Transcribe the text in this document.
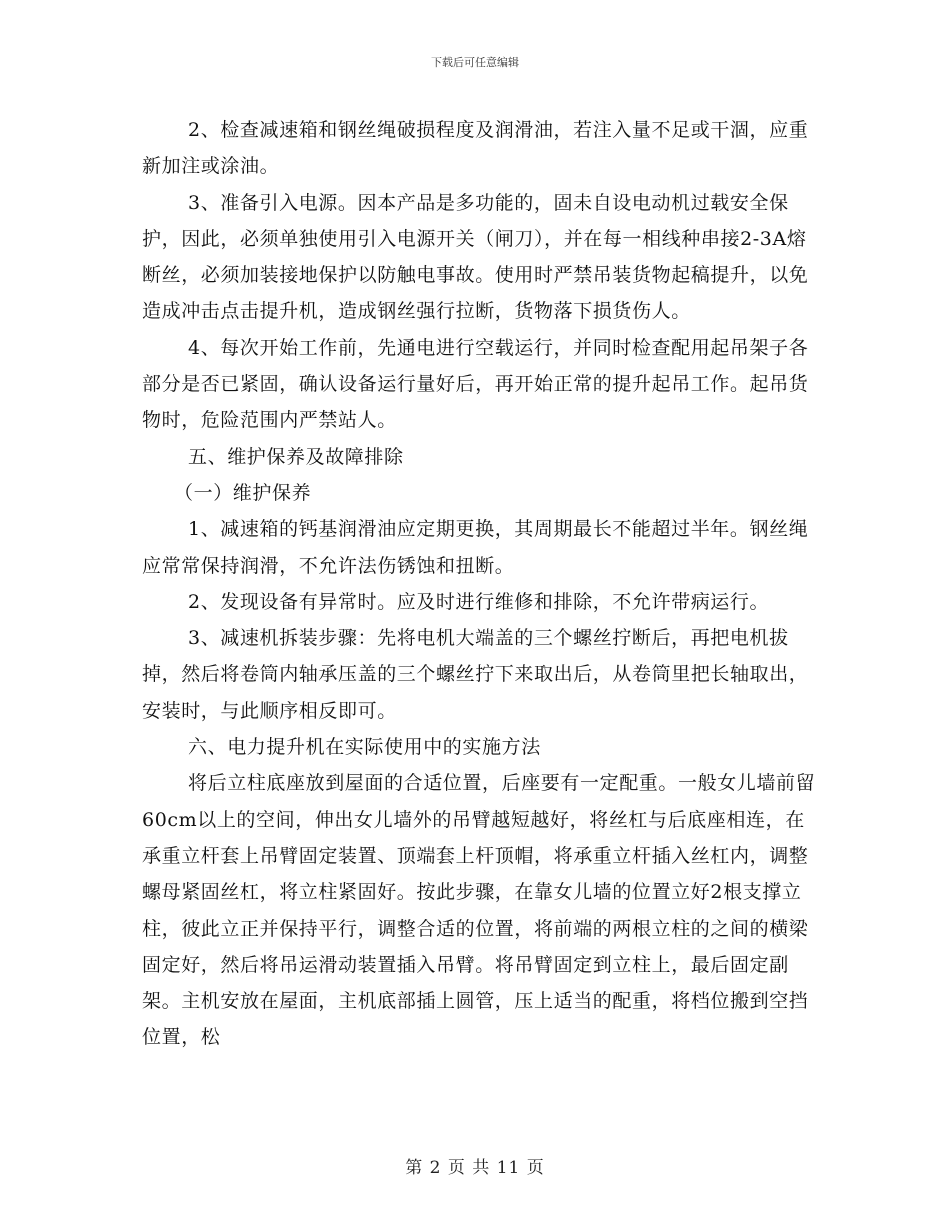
下载后可任意编辑

2、检查减速箱和钢丝绳破损程度及润滑油，若注入量不足或干涸，应重新加注或涂油。

3、准备引入电源。因本产品是多功能的，固未自设电动机过载安全保护，因此，必须单独使用引入电源开关（闸刀），并在每一相线种串接2-3A熔断丝，必须加装接地保护以防触电事故。使用时严禁吊装货物起稿提升，以免造成冲击点击提升机，造成钢丝强行拉断，货物落下损货伤人。

4、每次开始工作前，先通电进行空载运行，并同时检查配用起吊架子各部分是否已紧固，确认设备运行量好后，再开始正常的提升起吊工作。起吊货物时，危险范围内严禁站人。

五、维护保养及故障排除

（一）维护保养

1、减速箱的钙基润滑油应定期更换，其周期最长不能超过半年。钢丝绳应常常保持润滑，不允许法伤锈蚀和扭断。

2、发现设备有异常时。应及时进行维修和排除，不允许带病运行。

3、减速机拆装步骤：先将电机大端盖的三个螺丝拧断后，再把电机拔掉，然后将卷筒内轴承压盖的三个螺丝拧下来取出后，从卷筒里把长轴取出，安装时，与此顺序相反即可。

六、电力提升机在实际使用中的实施方法

将后立柱底座放到屋面的合适位置，后座要有一定配重。一般女儿墙前留60cm以上的空间，伸出女儿墙外的吊臂越短越好，将丝杠与后底座相连，在承重立杆套上吊臂固定装置、顶端套上杆顶帽，将承重立杆插入丝杠内，调整螺母紧固丝杠，将立柱紧固好。按此步骤，在靠女儿墙的位置立好2根支撑立柱，彼此立正并保持平行，调整合适的位置，将前端的两根立柱的之间的横梁固定好，然后将吊运滑动装置插入吊臂。将吊臂固定到立柱上，最后固定副架。主机安放在屋面，主机底部插上圆管，压上适当的配重，将档位搬到空挡位置，松

第 2 页 共 11 页
